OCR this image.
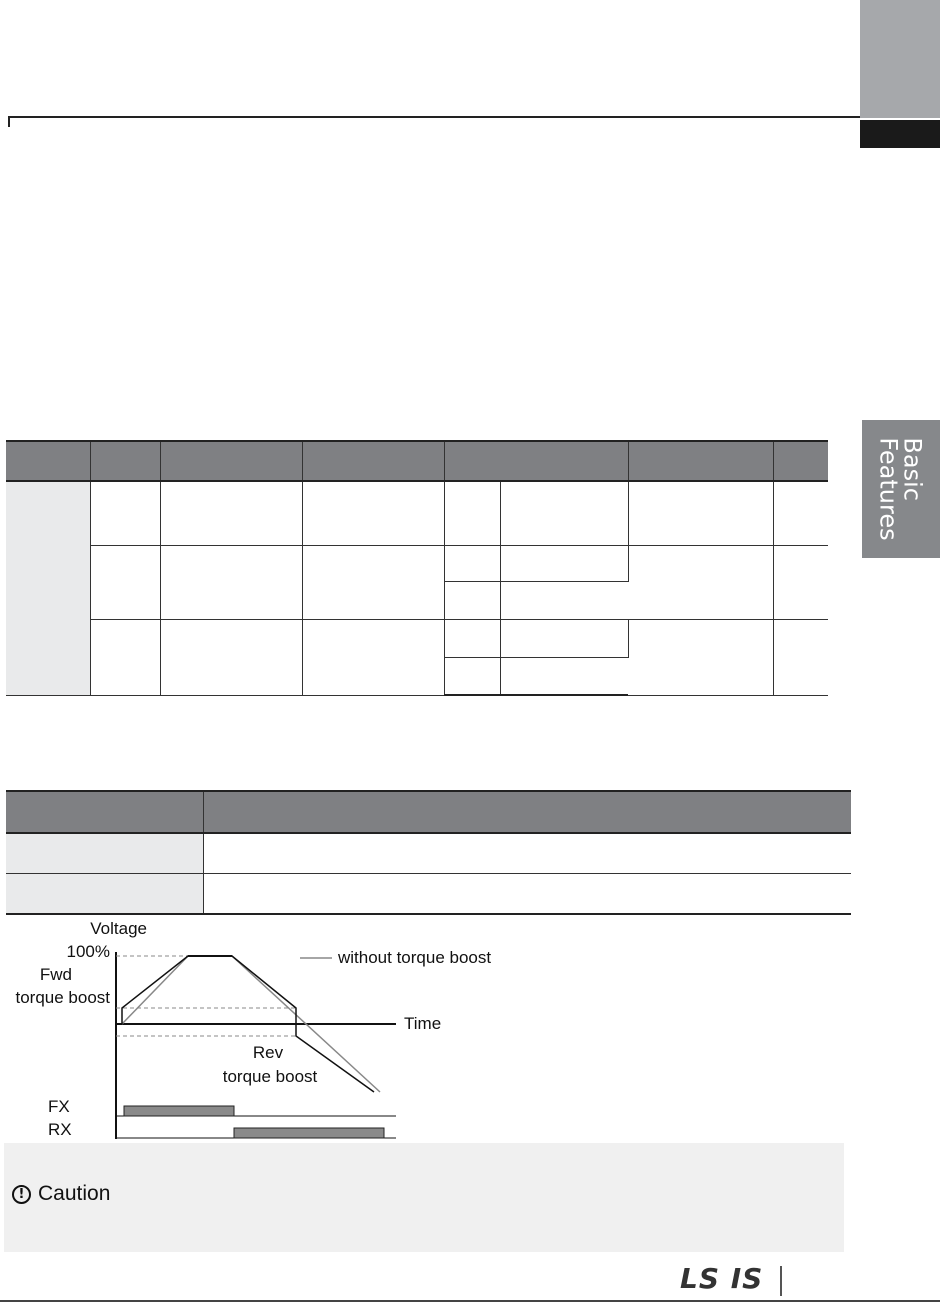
Basic
Features

Voltage
100%
Fwd
torque boost
without torque boost
Time
Rev
torque boost
FX
RX
! Caution
LS IS
